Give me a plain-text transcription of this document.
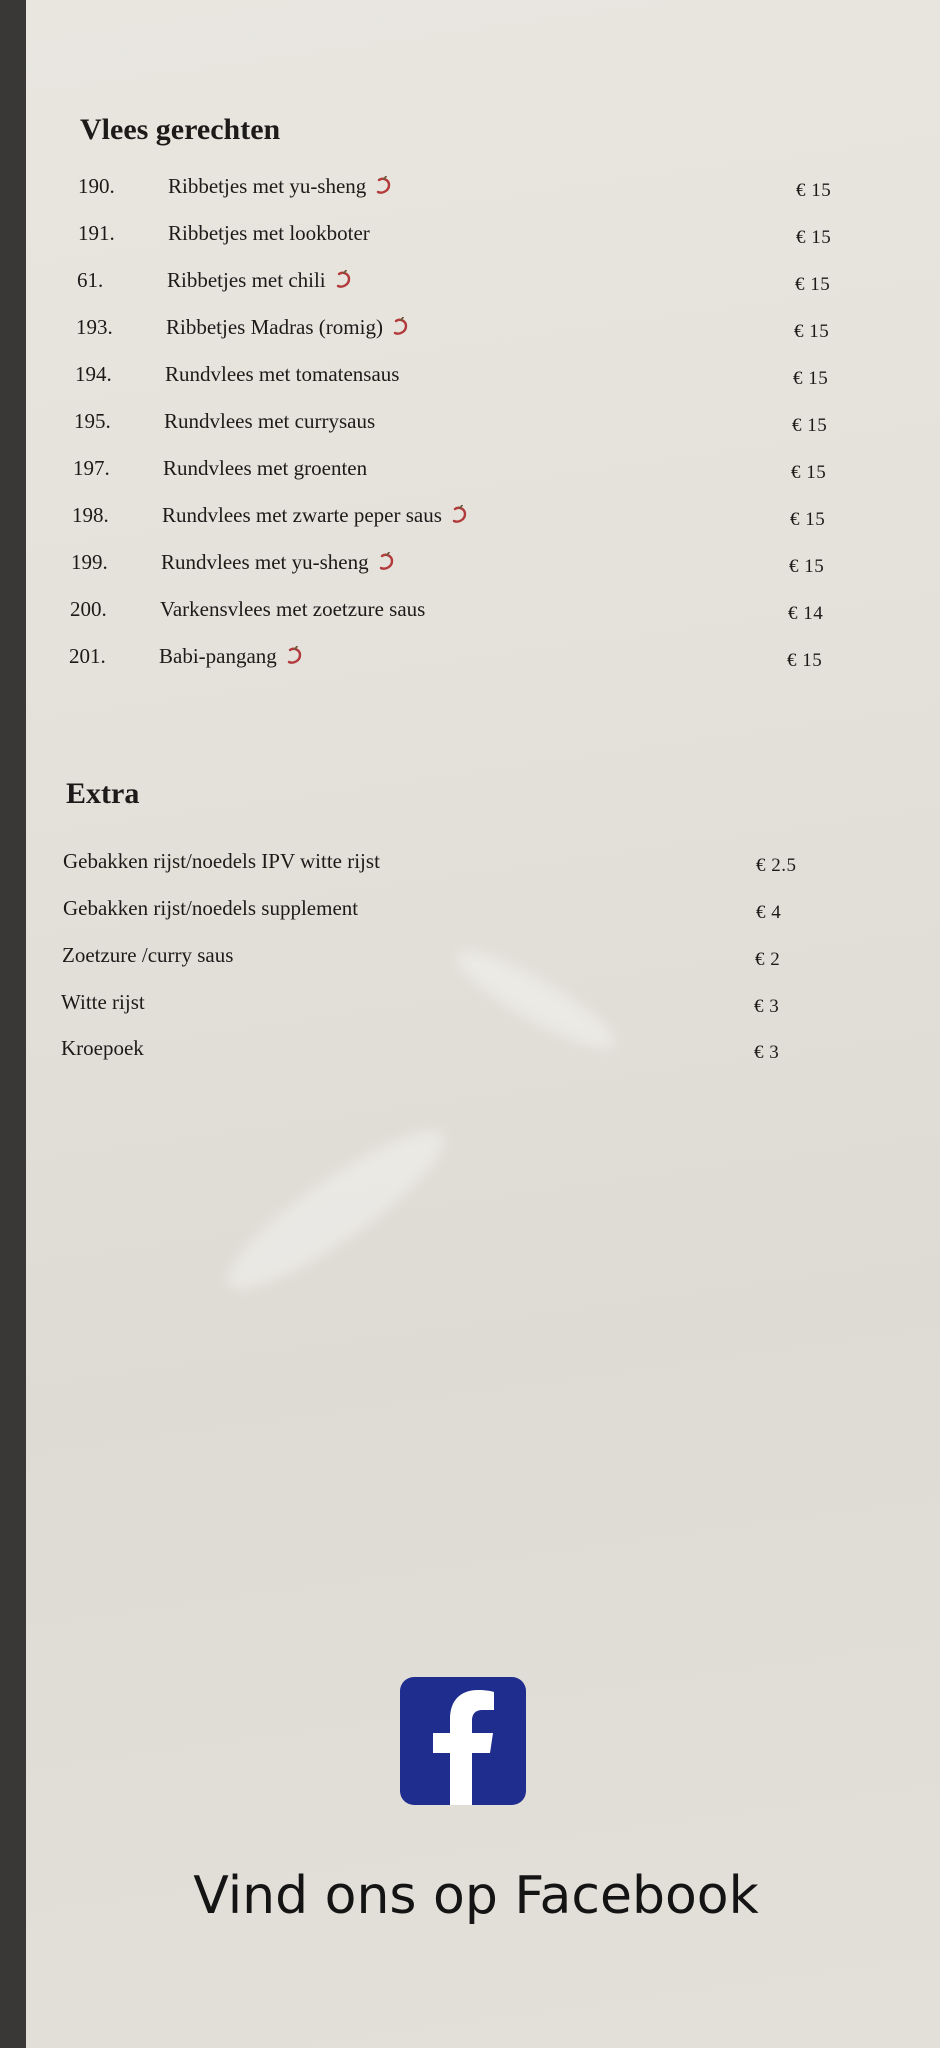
Vlees gerechten
190.	Ribbetjes met yu-sheng	€ 15
191.	Ribbetjes met lookboter	€ 15
61.	Ribbetjes met chili	€ 15
193.	Ribbetjes Madras (romig)	€ 15
194.	Rundvlees met tomatensaus	€ 15
195.	Rundvlees met currysaus	€ 15
197.	Rundvlees met groenten	€ 15
198.	Rundvlees met zwarte peper saus	€ 15
199.	Rundvlees met yu-sheng	€ 15
200.	Varkensvlees met zoetzure saus	€ 14
201.	Babi-pangang	€ 15
Extra
Gebakken rijst/noedels IPV witte rijst	€ 2.5
Gebakken rijst/noedels supplement	€ 4
Zoetzure /curry saus	€ 2
Witte rijst	€ 3
Kroepoek	€ 3

Vind ons op Facebook
